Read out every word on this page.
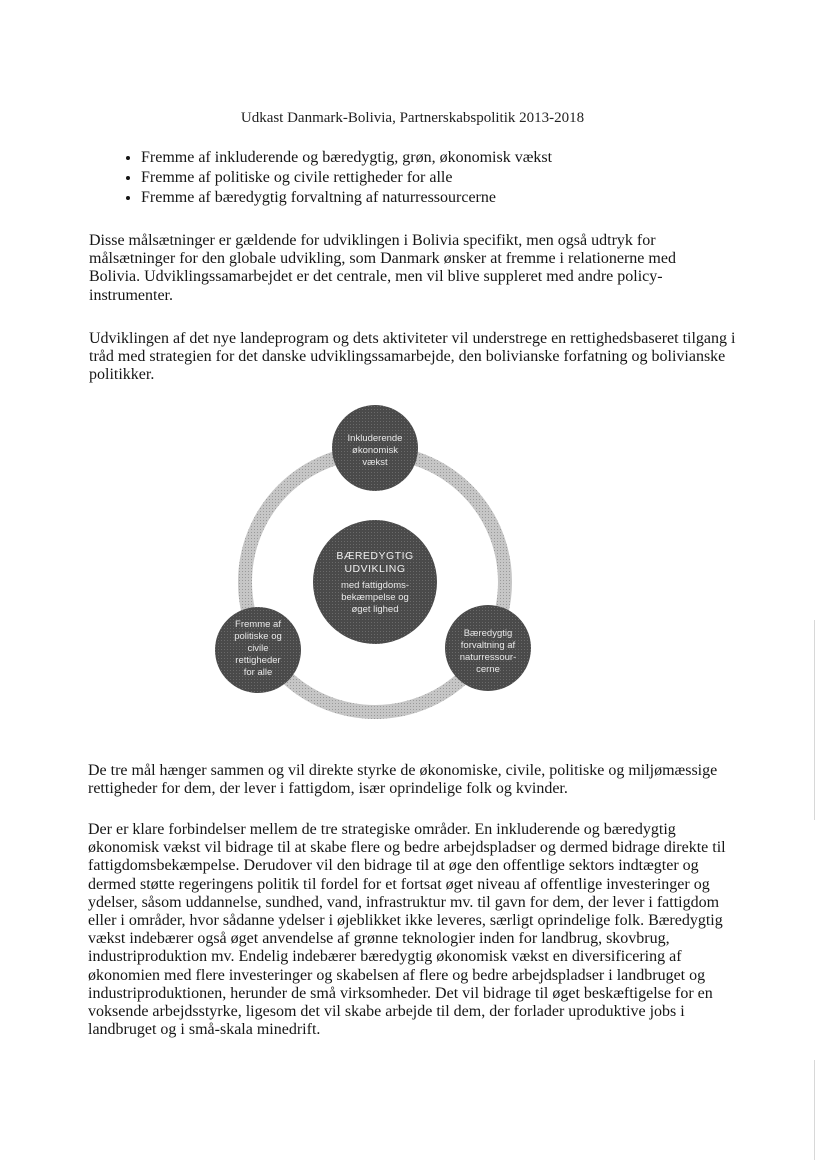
Udkast Danmark-Bolivia, Partnerskabspolitik 2013-2018
• Fremme af inkluderende og bæredygtig, grøn, økonomisk vækst
• Fremme af politiske og civile rettigheder for alle
• Fremme af bæredygtig forvaltning af naturressourcerne

Disse målsætninger er gældende for udviklingen i Bolivia specifikt, men også udtryk for målsætninger for den globale udvikling, som Danmark ønsker at fremme i relationerne med Bolivia. Udviklingssamarbejdet er det centrale, men vil blive suppleret med andre policy-instrumenter.

Udviklingen af det nye landeprogram og dets aktiviteter vil understrege en rettighedsbaseret tilgang i tråd med strategien for det danske udviklingssamarbejde, den bolivianske forfatning og bolivianske politikker.

BÆREDYGTIG
UDVIKLING
med fattigdoms-
bekæmpelse og
øget lighed
Inkluderende
økonomisk
vækst
Fremme af
politiske og
civile
rettigheder
for alle
Bæredygtig
forvaltning af
naturressour-
cerne

De tre mål hænger sammen og vil direkte styrke de økonomiske, civile, politiske og miljømæssige rettigheder for dem, der lever i fattigdom, især oprindelige folk og kvinder.

Der er klare forbindelser mellem de tre strategiske områder. En inkluderende og bæredygtig økonomisk vækst vil bidrage til at skabe flere og bedre arbejdspladser og dermed bidrage direkte til fattigdomsbekæmpelse. Derudover vil den bidrage til at øge den offentlige sektors indtægter og dermed støtte regeringens politik til fordel for et fortsat øget niveau af offentlige investeringer og ydelser, såsom uddannelse, sundhed, vand, infrastruktur mv. til gavn for dem, der lever i fattigdom eller i områder, hvor sådanne ydelser i øjeblikket ikke leveres, særligt oprindelige folk. Bæredygtig vækst indebærer også øget anvendelse af grønne teknologier inden for landbrug, skovbrug, industriproduktion mv. Endelig indebærer bæredygtig økonomisk vækst en diversificering af økonomien med flere investeringer og skabelsen af flere og bedre arbejdspladser i landbruget og industriproduktionen, herunder de små virksomheder. Det vil bidrage til øget beskæftigelse for en voksende arbejdsstyrke, ligesom det vil skabe arbejde til dem, der forlader uproduktive jobs i landbruget og i små-skala minedrift.
